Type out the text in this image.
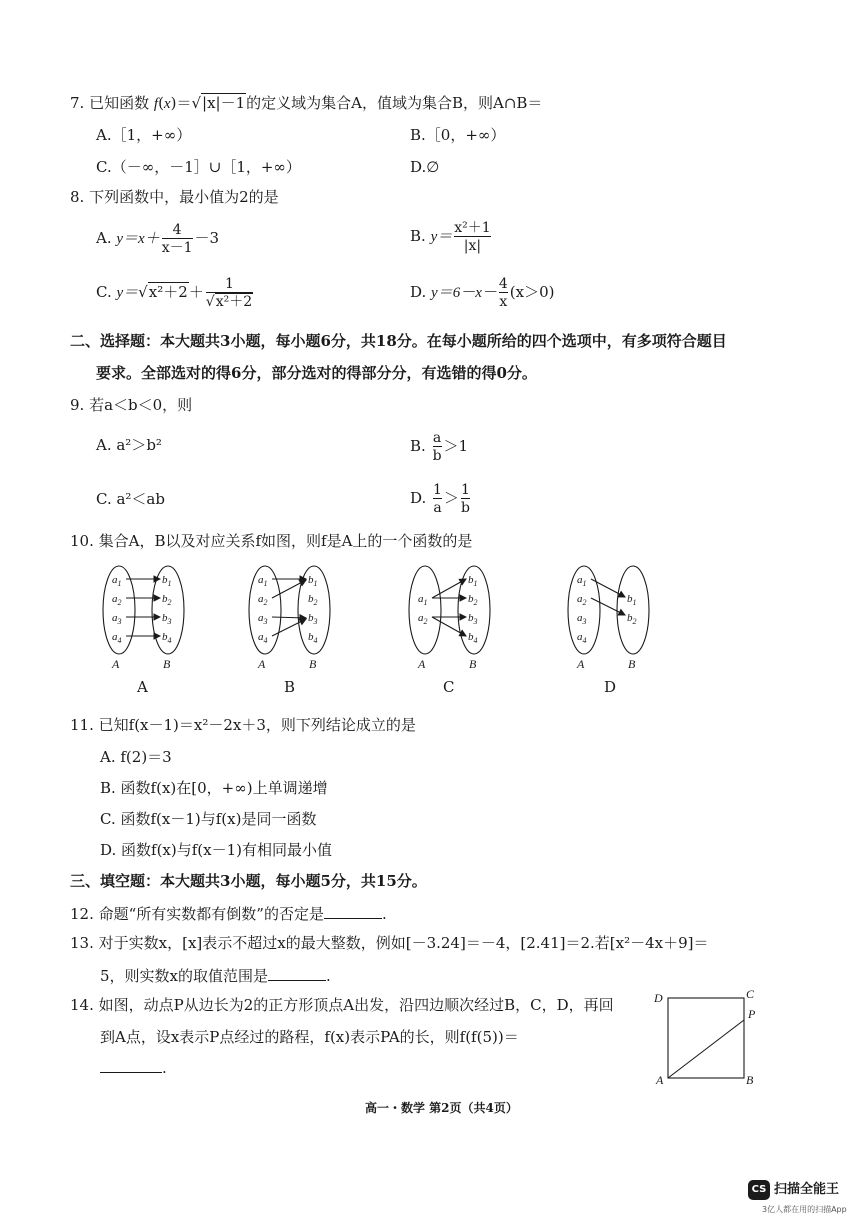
7. 已知函数 f(x)＝√|x|－1的定义域为集合A，值域为集合B，则A∩B＝
A.［1，+∞）	B.［0，+∞）
C.（－∞，－1］∪［1，+∞）	D.∅
8. 下列函数中，最小值为2的是
A. $y=x+ \frac{4}{x-1} -3$	B. $y= \frac{\text{x²＋1}}{|x|}$
C. $y=√x^2+2+ \frac{1}{\text{√x²＋2}}$	D. $y=6-x- \frac{4}{x} (x>0)$
二、选择题：本大题共3小题，每小题6分，共18分。在每小题所给的四个选项中，有多项符合题目
要求。全部选对的得6分，部分选对的得部分分，有选错的得0分。
9. 若a＜b＜0，则
A. a²＞b²	B. $\frac{a}{b} >1$
C. a²＜ab	D. $\frac{1}{a} > \frac{1}{b}$
10. 集合A，B以及对应关系f如图，则f是A上的一个函数的是
$a_1$
$a_2$
$a_3$
$a_4$
$b_1$
$b_2$
$b_3$
$b_4$
$a_1$
$a_2$
$a_3$
$a_4$
$b_1$
$b_2$
$b_3$
$b_4$
$a_1$
$a_2$
$b_1$
$b_2$
$b_3$
$b_4$
$a_1$
$a_2$
$a_3$
$a_4$
$b_1$
$b_2$
A	B	A	B	A	B	A	B
A	B	C	D
11. 已知f(x－1)＝x²－2x＋3，则下列结论成立的是
A. f(2)＝3
B. 函数f(x)在[0，+∞)上单调递增
C. 函数f(x－1)与f(x)是同一函数
D. 函数f(x)与f(x－1)有相同最小值
三、填空题：本大题共3小题，每小题5分，共15分。
12. 命题“所有实数都有倒数”的否定是	.
13. 对于实数x，[x]表示不超过x的最大整数，例如[－3.24]＝－4，[2.41]＝2.若[x²－4x＋9]＝
5，则实数x的取值范围是	.
14. 如图，动点P从边长为2的正方形顶点A出发，沿四边顺次经过B，C，D，再回
到A点，设x表示P点经过的路程，f(x)表示PA的长，则f(f(5))＝
.
D	C
P
A	B
高一・数学 第2页（共4页）
CS 扫描全能王
3亿人都在用的扫描App
